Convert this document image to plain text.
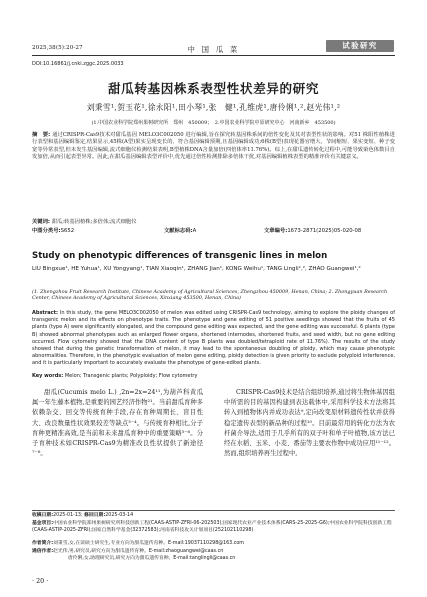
2025,38(5):20-27	中 国 瓜 菜	试验研究
DOI:10.16861/j.cnki.zggc.2025.0033
甜瓜转基因株系表型性状差异的研究
刘秉雪¹,贺玉花¹,徐永阳¹,田小琴¹,张　健¹,孔维虎¹,唐伶俐¹,²,赵光伟¹,²
(1.中国农业科学院郑州果树研究所　郑州　450009；　2.中国农业科学院中原研究中心　河南新乡　453500)
摘　要: 通过CRISPR-Cas9技术对甜瓜基因 MELO3C002050 进行编辑,旨在探究转基因株系间的倍性变化及其对表型性状的影响。对51 株阳性植株进行表型和基因编辑鉴定,结果显示,45株(A型)果实呈现变长的、符合基因编辑预期,且基因编辑成功;6株(B型)表现花器官增大、节间缩短、果实变短、种子变宽等异常表型,但未发生基因编辑,流式细胞仪检测结果表明,B型植株DNA含量加倍(四倍体率11.76%)。综上,在甜瓜遗传转化过程中,可能导致染色体数目自发加倍,从而引起表型异常。因此,在甜瓜基因编辑表型评价中,优先通过倍性检测排除多倍体干扰,对基因编辑植株表型的精准评价有关键意义。
关键词: 甜瓜;转基因植株;多倍体;流式细胞仪
中图分类号:S652	文献标志码:A	文章编号:1673-2871(2025)05-020-08
Study on phenotypic differences of transgenic lines in melon
LIU Bingxue¹, HE Yuhua¹, XU Yongyang¹, TIAN Xiaoqin¹, ZHANG Jian¹, KONG Weihu¹, TANG Lingli¹,², ZHAO Guangwei¹,²
(1. Zhengzhou Fruit Research Institute, Chinese Academy of Agricultural Sciences, Zhengzhou 450009, Henan, China; 2. Zhongyuan Research Center, Chinese Academy of Agricultural Sciences, Xinxiang 453500, Henan, China)
Abstract: In this study, the gene MELO3C002050 of melon was edited using CRISPR-Cas9 technology, aiming to explore the ploidy changes of transgenic melon and its effects on phenotype traits. The phenotype and gene editing of 51 positive seedlings showed that the fruits of 45 plants (type A) were significantly elongated, and the compound gene editing was expected, and the gene editing was successful. 6 plants (type B) showed abnormal phenotypes such as enlarged flower organs, shortened internodes, shortened fruits, and seed width, but no gene editing occurred. Flow cytometry showed that the DNA content of type B plants was doubled/tetraploid rate of 11.76%). The results of the study showed that during the genetic transformation of melon, it may lead to the spontaneous doubling of ploidy, which may cause phenotypic abnormalities. Therefore, in the phenotypic evaluation of melon gene editing, ploidy detection is given priority to exclude polyploid interference, and it is particularly important to accurately evaluate the phenotype of gene-edited plants.
Key words: Melon; Transgenic plants; Polyploidy; Flow cytometry

甜瓜(Cucumis melo L.) ,2n=2x=24¹¹,为葫芦科黄瓜属一年生藤本植物,是重要的园艺经济作物²¹。当前甜瓜育种多依赖杂交、回交等传统育种手段,存在育种周期长、盲目性大、改良数量性状效果较差等缺点³⁻⁴。与传统育种相比,分子育种更精准高效,是当前和未来甜瓜育种中的重要策略⁵⁻⁶。分子育种技术如CRISPR-Cas9为精准改良性状提供了新途径⁷⁻⁸。

CRISPR-Cas9技术是结合组织培养,通过将生物体基因组中所需的目的基因构建到表达载体中,采用科学技术方法将其转入到植物体内并成功表达⁹,定向改变原材料遗传性状并获得稳定遗传表型的新品种的过程¹⁰。目前最常用的转化方法为农杆菌介导法,适用于几乎所有的双子叶和单子叶植物,该方法已经在水稻、玉米、小麦、番茄等主要农作物中成功应用¹¹⁻¹²。然而,组织培养再生过程中,

收稿日期:2025-01-13; 修回日期:2025-03-14
基金项目:中国农业科学院郑州果树研究所科技创新工程(CAAS-ASTIP-ZFRI-06-202503);国家现代农业产业技术体系(CARS-25-2025-G6);中国农业科学院科技创新工程(CAAS-ASTIP-2025-ZFRI);国家自然科学基金(32372583);河南省科技攻关计划项目(252102110298)
作者简介:刘秉雪,女,在读硕士研究生,专业方向为甜瓜遗传育种。E-mail:19037110298@163.com
通信作者:赵光伟,男,研究员,研究方向为甜瓜遗传育种。E-mail:zhaoguangwei@caas.cn
唐伶俐,女,助理研究员,研究方向为甜瓜遗传育种。E-mail:tanglingli@caas.cn
· 20 ·
